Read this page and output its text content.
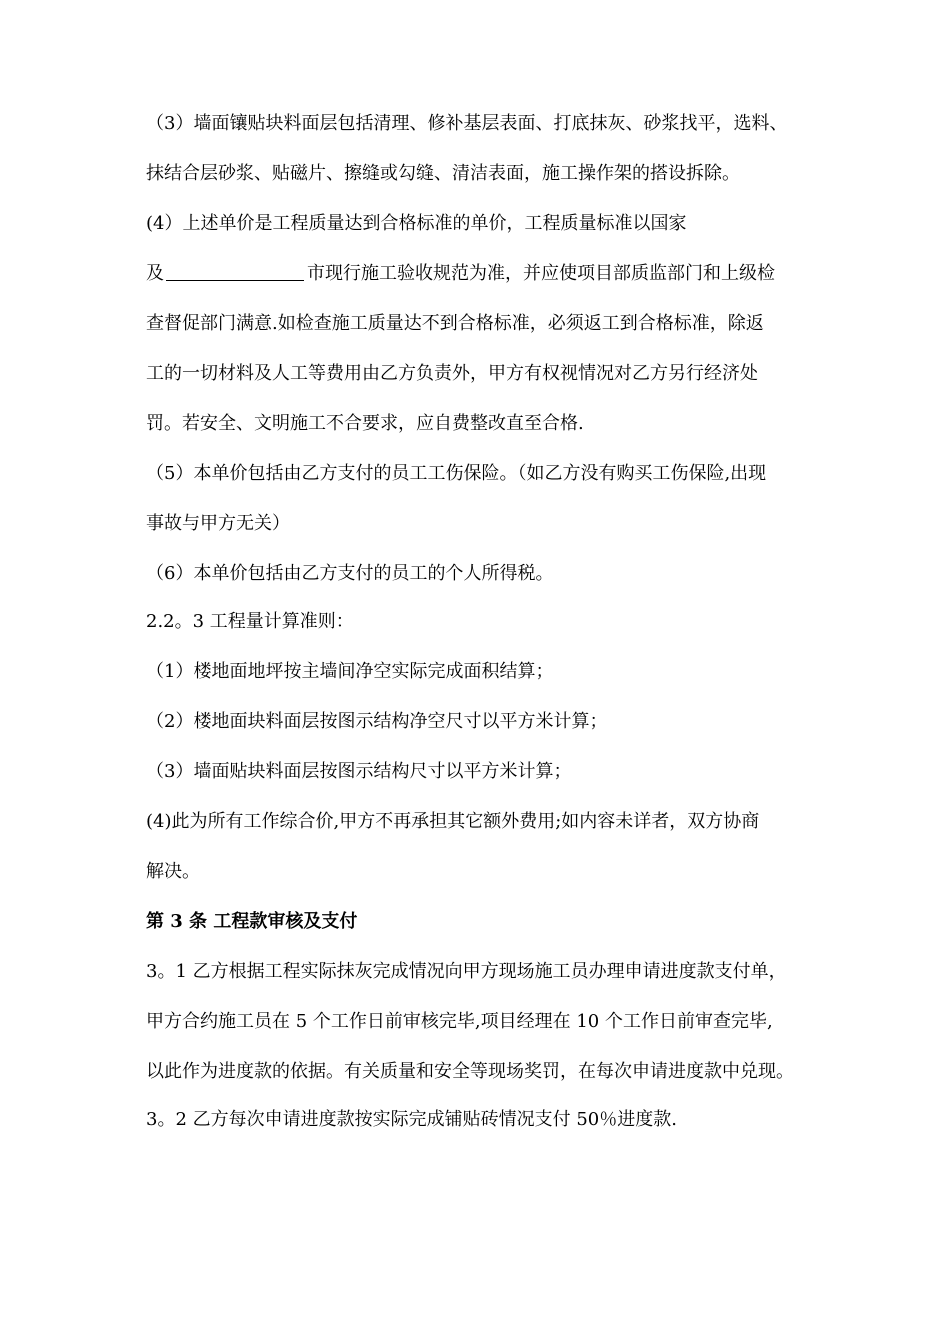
（3）墙面镶贴块料面层包括清理、修补基层表面、打底抹灰、砂浆找平，选料、
抹结合层砂浆、贴磁片、擦缝或勾缝、清洁表面，施工操作架的搭设拆除。
(4）上述单价是工程质量达到合格标准的单价，工程质量标准以国家
及	市现行施工验收规范为准，并应使项目部质监部门和上级检
查督促部门满意.如检查施工质量达不到合格标准，必须返工到合格标准，除返
工的一切材料及人工等费用由乙方负责外，甲方有权视情况对乙方另行经济处
罚。若安全、文明施工不合要求，应自费整改直至合格.
（5）本单价包括由乙方支付的员工工伤保险。（如乙方没有购买工伤保险,出现
事故与甲方无关）
（6）本单价包括由乙方支付的员工的个人所得税。
2.2。3 工程量计算准则：
（1）楼地面地坪按主墙间净空实际完成面积结算；
（2）楼地面块料面层按图示结构净空尺寸以平方米计算；
（3）墙面贴块料面层按图示结构尺寸以平方米计算；
(4)此为所有工作综合价,甲方不再承担其它额外费用;如内容未详者，双方协商
解决。
第 3 条 工程款审核及支付
3。1 乙方根据工程实际抹灰完成情况向甲方现场施工员办理申请进度款支付单，
甲方合约施工员在 5 个工作日前审核完毕,项目经理在 10 个工作日前审查完毕,
以此作为进度款的依据。有关质量和安全等现场奖罚，在每次申请进度款中兑现。
3。2 乙方每次申请进度款按实际完成铺贴砖情况支付 50％进度款.
